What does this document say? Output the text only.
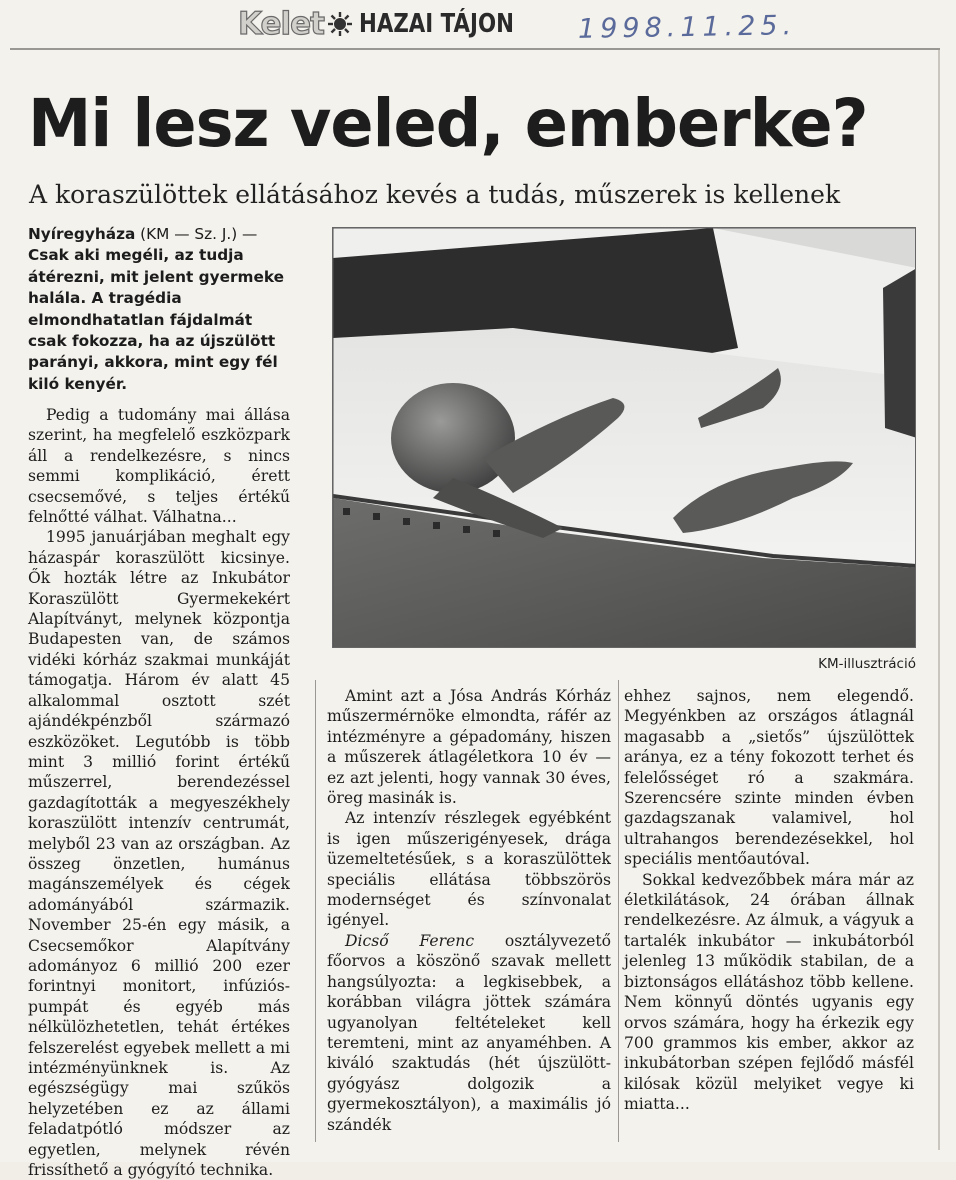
Kelet HAZAI TÁJON 1998.11.25.
Mi lesz veled, emberke?

A koraszülöttek ellátásához kevés a tudás, műszerek is kellenek

Nyíregyháza (KM — Sz. J.) — Csak aki megéli, az tudja átérezni, mit jelent gyermeke halála. A tragédia elmondhatatlan fájdalmát csak fokozza, ha az újszülött parányi, akkora, mint egy fél kiló kenyér.

Pedig a tudomány mai állása szerint, ha megfelelő eszközpark áll a rendelkezésre, s nincs semmi komplikáció, érett csecsemővé, s teljes értékű felnőtté válhat. Válhatna...

1995 januárjában meghalt egy házaspár koraszülött kicsinye. Ők hozták létre az Inkubátor Koraszülött Gyermekekért Alapítványt, melynek központja Budapesten van, de számos vidéki kórház szakmai munkáját támogatja. Három év alatt 45 alkalommal osztott szét ajándékpénzből származó eszközöket. Legutóbb is több mint 3 millió forint értékű műszerrel, berendezéssel gazdagították a megyeszékhely koraszülött intenzív centrumát, melyből 23 van az országban. Az összeg önzetlen, humánus magánszemélyek és cégek adományából származik. November 25-én egy másik, a Csecsemőkor Alapítvány adományoz 6 millió 200 ezer forintnyi monitort, infúzióspumpát és egyéb más nélkülözhetetlen, tehát értékes felszerelést egyebek mellett a mi intézményünknek is. Az egészségügy mai szűkös helyzetében ez az állami feladatpótló módszer az egyetlen, melynek révén frissíthető a gyógyító technika.

KM-illusztráció

Amint azt a Jósa András Kórház műszermérnöke elmondta, ráfér az intézményre a gépadomány, hiszen a műszerek átlagéletkora 10 év — ez azt jelenti, hogy vannak 30 éves, öreg masinák is.

Az intenzív részlegek egyébként is igen műszerigényesek, drága üzemeltetésűek, s a koraszülöttek speciális ellátása többszörös modernséget és színvonalat igényel.

Dicső Ferenc osztályvezető főorvos a köszönő szavak mellett hangsúlyozta: a legkisebbek, a korábban világra jöttek számára ugyanolyan feltételeket kell teremteni, mint az anyaméhben. A kiváló szaktudás (hét újszülöttgyógyász dolgozik a gyermekosztályon), a maximális jó szándék

ehhez sajnos, nem elegendő. Megyénkben az országos átlagnál magasabb a „sietős” újszülöttek aránya, ez a tény fokozott terhet és felelősséget ró a szakmára. Szerencsére szinte minden évben gazdagszanak valamivel, hol ultrahangos berendezésekkel, hol speciális mentőautóval.

Sokkal kedvezőbbek mára már az életkilátások, 24 órában állnak rendelkezésre. Az álmuk, a vágyuk a tartalék inkubátor — inkubátorból jelenleg 13 működik stabilan, de a biztonságos ellátáshoz több kellene. Nem könnyű döntés ugyanis egy orvos számára, hogy ha érkezik egy 700 grammos kis ember, akkor az inkubátorban szépen fejlődő másfél kilósak közül melyiket vegye ki miatta...
